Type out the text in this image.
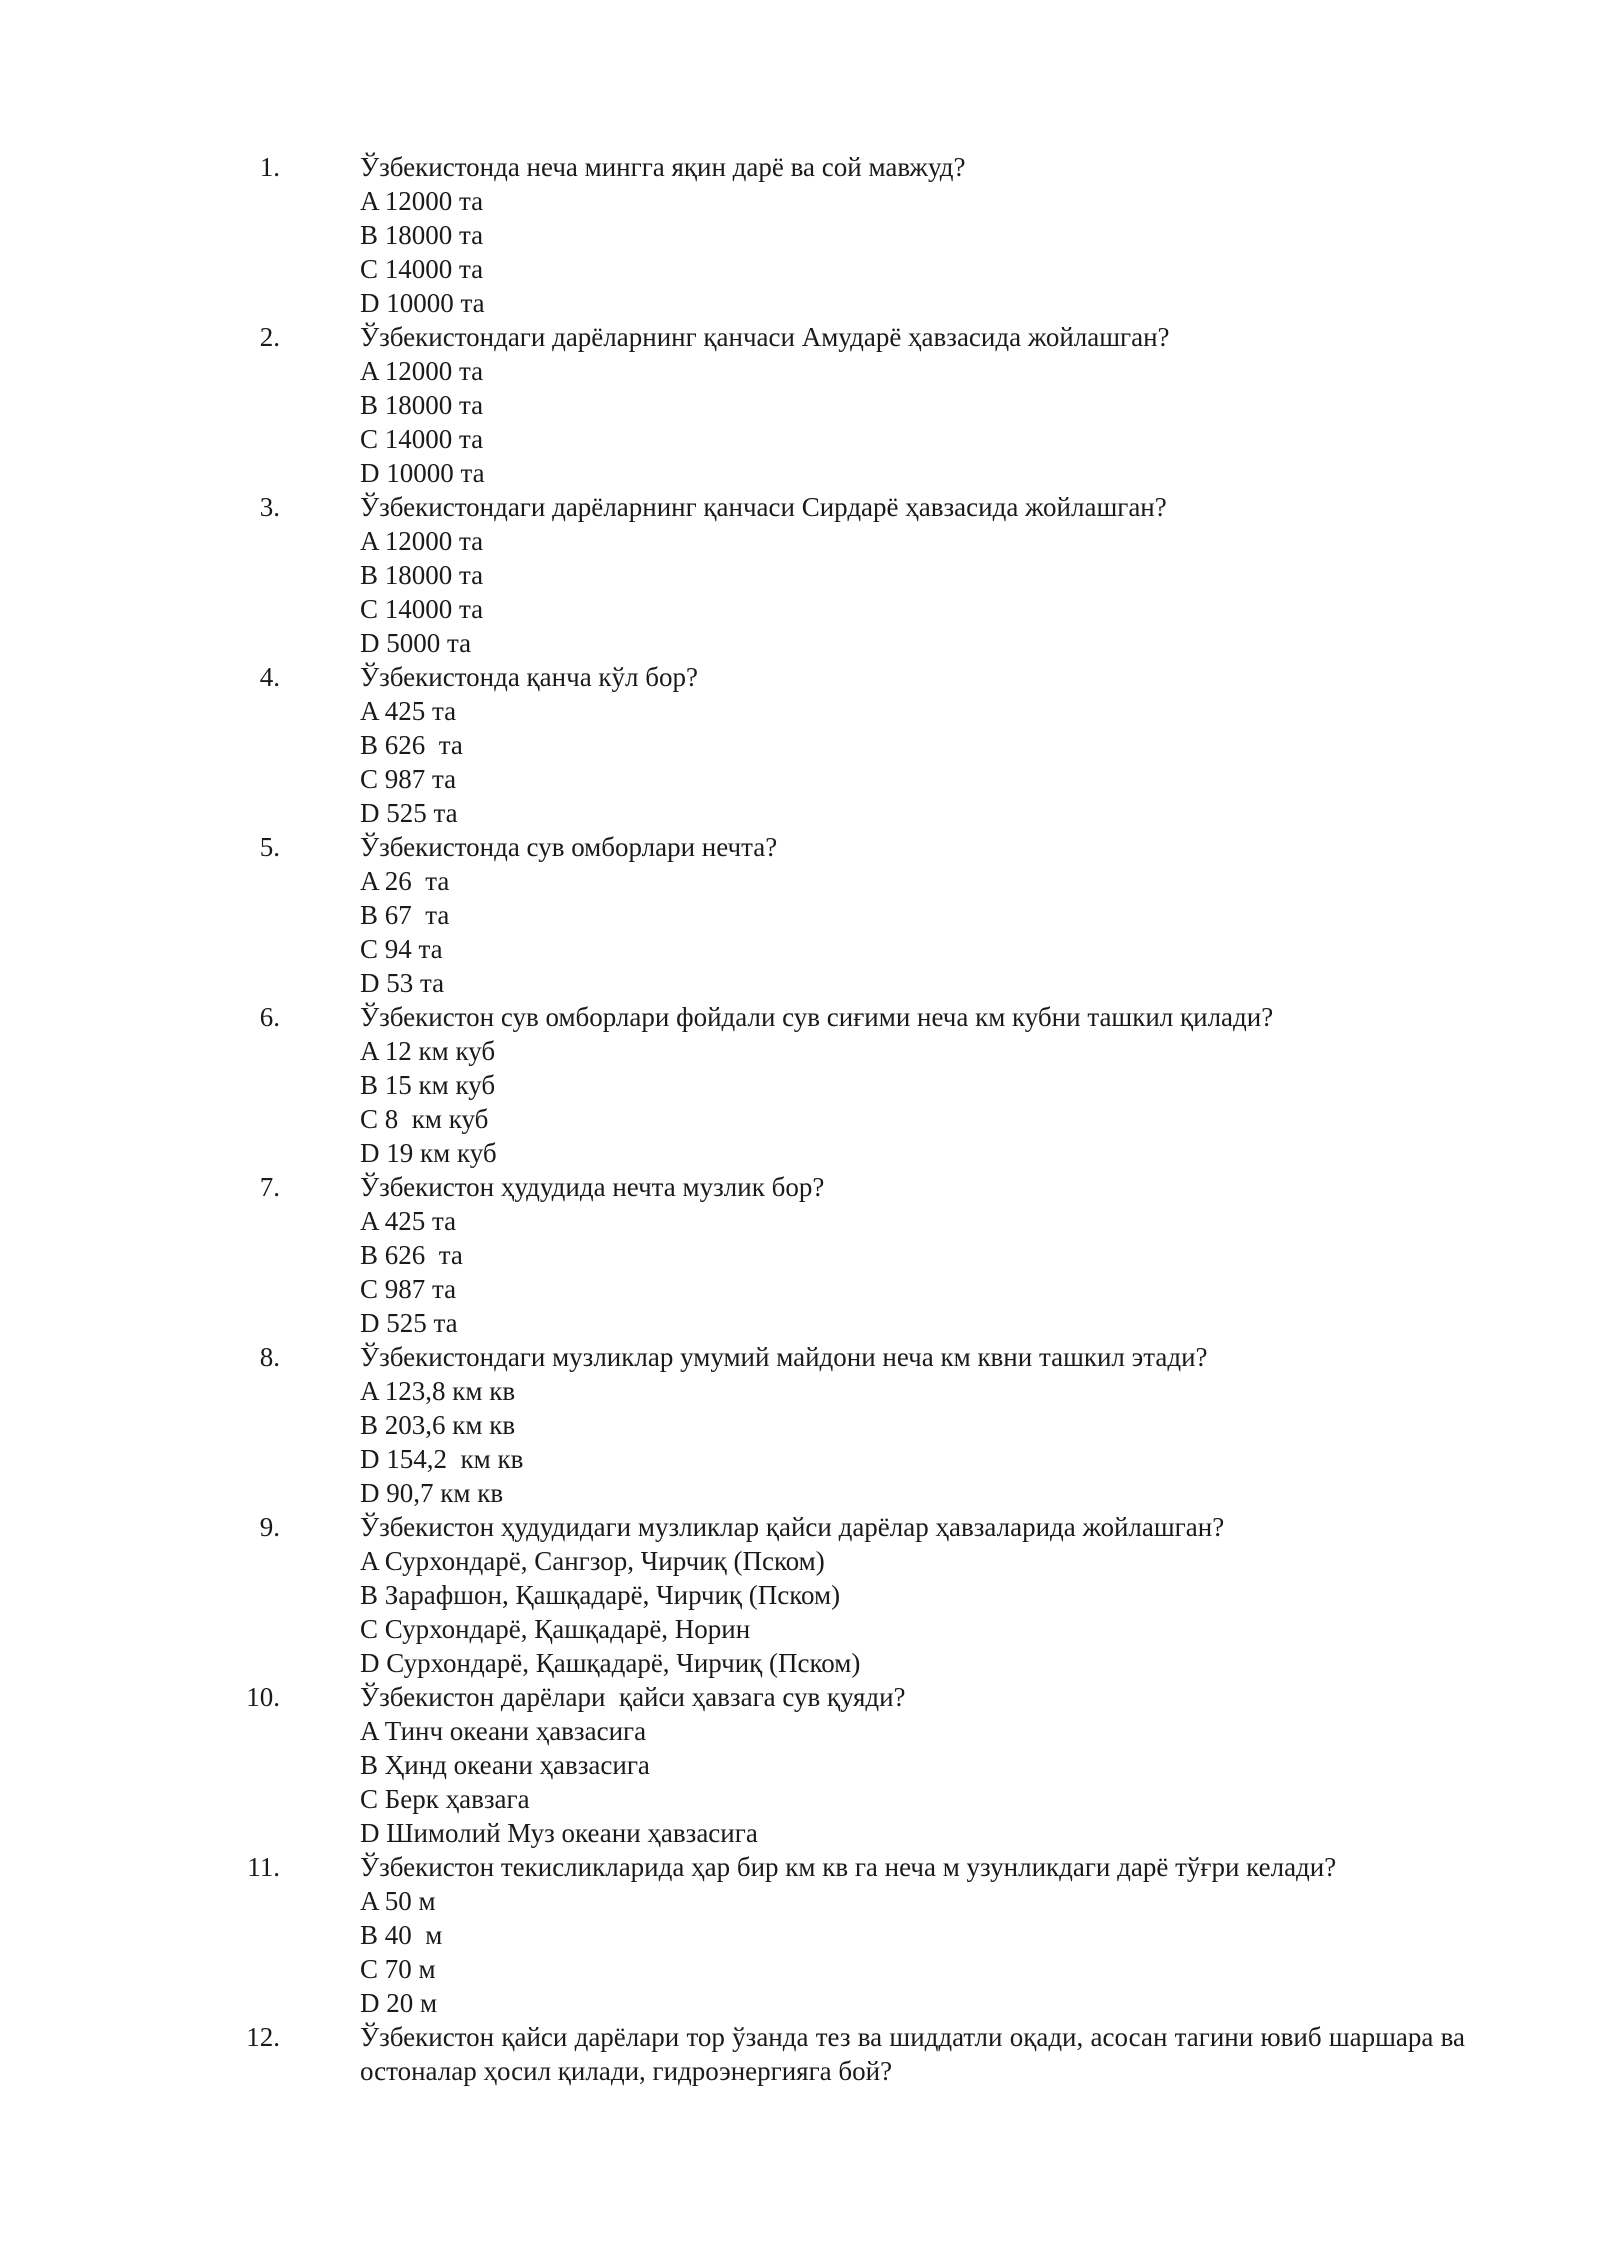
1.	Ўзбекистонда неча мингга яқин дарё ва сой мавжуд?
A 12000 та
B 18000 та
C 14000 та
D 10000 та
2.	Ўзбекистондаги дарёларнинг қанчаси Амударё ҳавзасида жойлашган?
A 12000 та
B 18000 та
C 14000 та
D 10000 та
3.	Ўзбекистондаги дарёларнинг қанчаси Сирдарё ҳавзасида жойлашган?
A 12000 та
B 18000 та
C 14000 та
D 5000 та
4.	Ўзбекистонда қанча кўл бор?
A 425 та
B 626  та
C 987 та
D 525 та
5.	Ўзбекистонда сув омборлари нечта?
A 26  та
B 67  та
C 94 та
D 53 та
6.	Ўзбекистон сув омборлари фойдали сув сиғими неча км кубни ташкил қилади?
A 12 км куб
B 15 км куб
C 8  км куб
D 19 км куб
7.	Ўзбекистон ҳудудида нечта музлик бор?
A 425 та
B 626  та
C 987 та
D 525 та
8.	Ўзбекистондаги музликлар умумий майдони неча км квни ташкил этади?
A 123,8 км кв
B 203,6 км кв
D 154,2  км кв
D 90,7 км кв
9.	Ўзбекистон ҳудудидаги музликлар қайси дарёлар ҳавзаларида жойлашган?
A Сурхондарё, Сангзор, Чирчиқ (Пском)
B Зарафшон, Қашқадарё, Чирчиқ (Пском)
C Сурхондарё, Қашқадарё, Норин
D Сурхондарё, Қашқадарё, Чирчиқ (Пском)
10.	Ўзбекистон дарёлари  қайси ҳавзага сув қуяди?
A Тинч океани ҳавзасига
B Ҳинд океани ҳавзасига
C Берк ҳавзага
D Шимолий Муз океани ҳавзасига
11.	Ўзбекистон текисликларида ҳар бир км кв га неча м узунликдаги дарё тўғри келади?
A 50 м
B 40  м
C 70 м
D 20 м
12.	Ўзбекистон қайси дарёлари тор ўзанда тез ва шиддатли оқади, асосан тагини ювиб шаршара ва остоналар ҳосил қилади, гидроэнергияга бой?
